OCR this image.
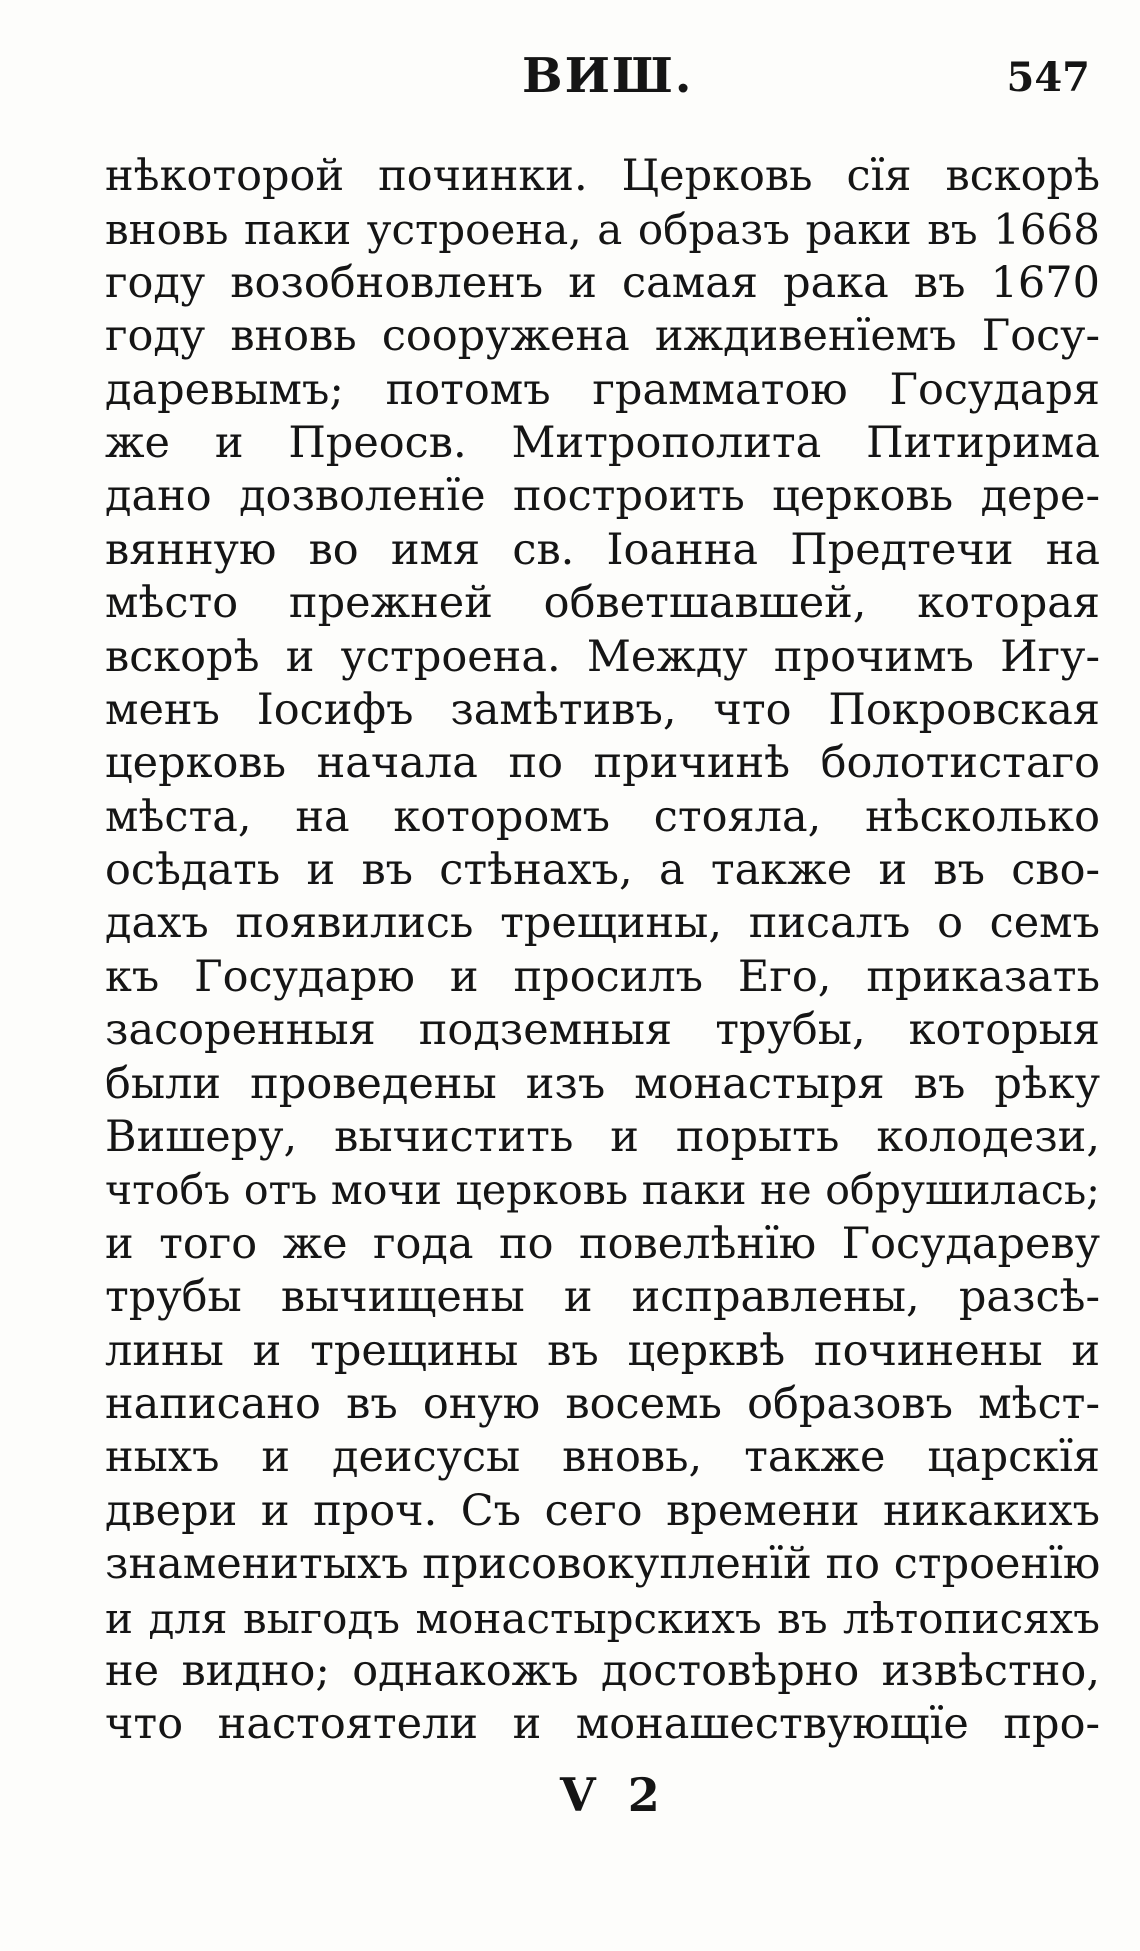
ВИШ.	547
нѣкоторой починки. Церковь сїя вскорѣ
вновь паки устроена, а образъ раки въ 1668
году возобновленъ и самая рака въ 1670
году вновь сооружена иждивенїемъ Госу-
даревымъ; потомъ грамматою Государя
же и Преосв. Митрополита Питирима
дано дозволенїе построить церковь дере-
вянную во имя св. Іоанна Предтечи на
мѣсто прежней обветшавшей, которая
вскорѣ и устроена. Между прочимъ Игу-
менъ Іосифъ замѣтивъ, что Покровская
церковь начала по причинѣ болотистаго
мѣста, на которомъ стояла, нѣсколько
осѣдать и въ стѣнахъ, а также и въ сво-
дахъ появились трещины, писалъ о семъ
къ Государю и просилъ Его, приказать
засоренныя подземныя трубы, которыя
были проведены изъ монастыря въ рѣку
Вишеру, вычистить и порыть колодези,
чтобъ отъ мочи церковь паки не обрушилась;
и того же года по повелѣнїю Государеву
трубы вычищены и исправлены, разсѣ-
лины и трещины въ церквѣ починены и
написано въ оную восемь образовъ мѣст-
ныхъ и деисусы вновь, также царскїя
двери и проч. Съ сего времени никакихъ
знаменитыхъ присовокупленїй по строенїю
и для выгодъ монастырскихъ въ лѣтописяхъ
не видно; однакожъ достовѣрно извѣстно,
что настоятели и монашествующїе про-
V 2
